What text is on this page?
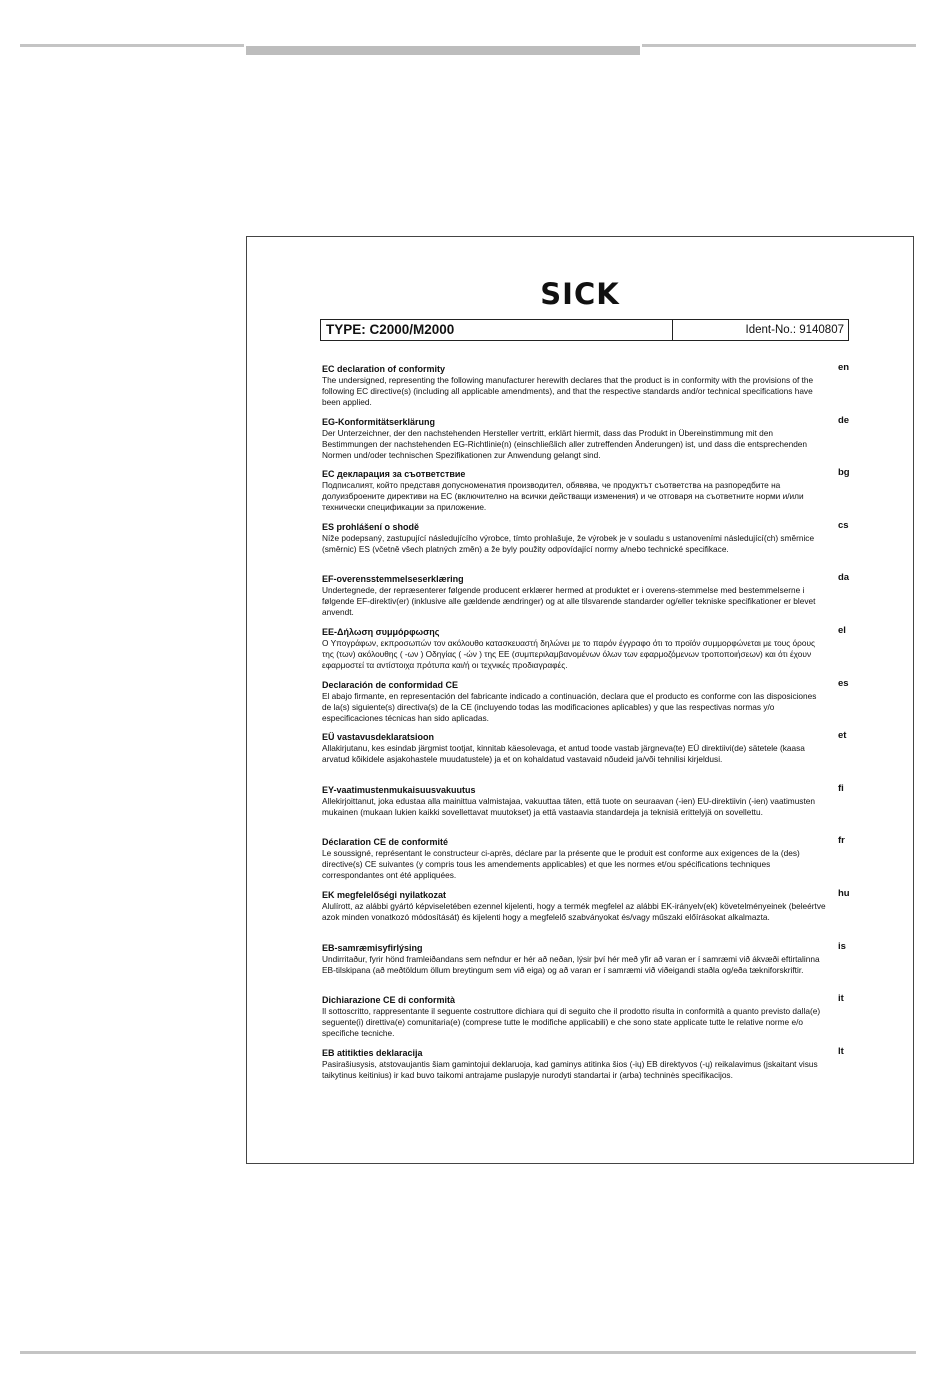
SICK
TYPE: C2000/M2000	Ident-No.: 9140807
EC declaration of conformity
The undersigned, representing the following manufacturer herewith declares that the product is in conformity with the provisions of the following EC directive(s) (including all applicable amendments), and that the respective standards and/or technical specifications have been applied.
en
EG-Konformitätserklärung
Der Unterzeichner, der den nachstehenden Hersteller vertritt, erklärt hiermit, dass das Produkt in Übereinstimmung mit den Bestimmungen der nachstehenden EG-Richtlinie(n) (einschließlich aller zutreffenden Änderungen) ist, und dass die entsprechenden Normen und/oder technischen Spezifikationen zur Anwendung gelangt sind.
de
ЕС декларация за съответствие
Подписалият, който представя допусноменатия производител, обявява, че продуктът съответства на разпоредбите на долуизброените директиви на ЕС (включително на всички действащи изменения) и че отговаря на съответните норми и/или технически спецификации за приложение.
bg
ES prohlášení o shodě
Níže podepsaný, zastupující následujícího výrobce, tímto prohlašuje, že výrobek je v souladu s ustanoveními následující(ch) směrnice (směrnic) ES (včetně všech platných změn) a že byly použity odpovídající normy a/nebo technické specifikace.
cs
EF-overensstemmelseserklæring
Undertegnede, der repræsenterer følgende producent erklærer hermed at produktet er i overens-stemmelse med bestemmelserne i følgende EF-direktiv(er) (inklusive alle gældende ændringer) og at alle tilsvarende standarder og/eller tekniske specifikationer er blevet anvendt.
da
ΕΕ-Δήλωση συμμόρφωσης
Ο Υπογράφων, εκπροσωπών τον ακόλουθο κατασκευαστή δηλώνει με το παρόν έγγραφο ότι το προϊόν συμμορφώνεται με τους όρους της (των) ακόλουθης ( -ων ) Οδηγίας ( -ών ) της ΕΕ (συμπεριλαμβανομένων όλων των εφαρμοζόμενων τροποποιήσεων) και ότι έχουν εφαρμοστεί τα αντίστοιχα πρότυπα και/ή οι τεχνικές προδιαγραφές.
el
Declaración de conformidad CE
El abajo firmante, en representación del fabricante indicado a continuación, declara que el producto es conforme con las disposiciones de la(s) siguiente(s) directiva(s) de la CE (incluyendo todas las modificaciones aplicables) y que las respectivas normas y/o especificaciones técnicas han sido aplicadas.
es
EÜ vastavusdeklaratsioon
Allakirjutanu, kes esindab järgmist tootjat, kinnitab käesolevaga, et antud toode vastab järgneva(te) EÜ direktiivi(de) sätetele (kaasa arvatud kõikidele asjakohastele muudatustele) ja et on kohaldatud vastavaid nõudeid ja/või tehnilisi kirjeldusi.
et
EY-vaatimustenmukaisuusvakuutus
Allekirjoittanut, joka edustaa alla mainittua valmistajaa, vakuuttaa täten, että tuote on seuraavan (-ien) EU-direktiivin (-ien) vaatimusten mukainen (mukaan lukien kaikki sovellettavat muutokset) ja että vastaavia standardeja ja teknisiä erittelyjä on sovellettu.
fi
Déclaration CE de conformité
Le soussigné, représentant le constructeur ci-après, déclare par la présente que le produit est conforme aux exigences de la (des) directive(s) CE suivantes (y compris tous les amendements applicables) et que les normes et/ou spécifications techniques correspondantes ont été appliquées.
fr
EK megfelelőségi nyilatkozat
Alulírott, az alábbi gyártó képviseletében ezennel kijelenti, hogy a termék megfelel az alábbi EK-irányelv(ek) követelményeinek (beleértve azok minden vonatkozó módosítását) és kijelenti hogy a megfelelő szabványokat és/vagy műszaki előírásokat alkalmazta.
hu
EB-samræmisyfirlýsing
Undirritaður, fyrir hönd framleiðandans sem nefndur er hér að neðan, lýsir því hér með yfir að varan er í samræmi við ákvæði eftirtalinna EB-tilskipana (að meðtöldum öllum breytingum sem við eiga) og að varan er í samræmi við viðeigandi staðla og/eða tækniforskriftir.
is
Dichiarazione CE di conformità
Il sottoscritto, rappresentante il seguente costruttore dichiara qui di seguito che il prodotto risulta in conformità a quanto previsto dalla(e) seguente(i) direttiva(e) comunitaria(e) (comprese tutte le modifiche applicabili) e che sono state applicate tutte le relative norme e/o specifiche tecniche.
it
EB atitikties deklaracija
Pasirašiusysis, atstovaujantis šiam gamintojui deklaruoja, kad gaminys atitinka šios (-ių) EB direktyvos (-ų) reikalavimus (įskaitant visus taikytinus keitinius) ir kad buvo taikomi antrajame puslapyje nurodyti standartai ir (arba) techninės specifikacijos.
lt
